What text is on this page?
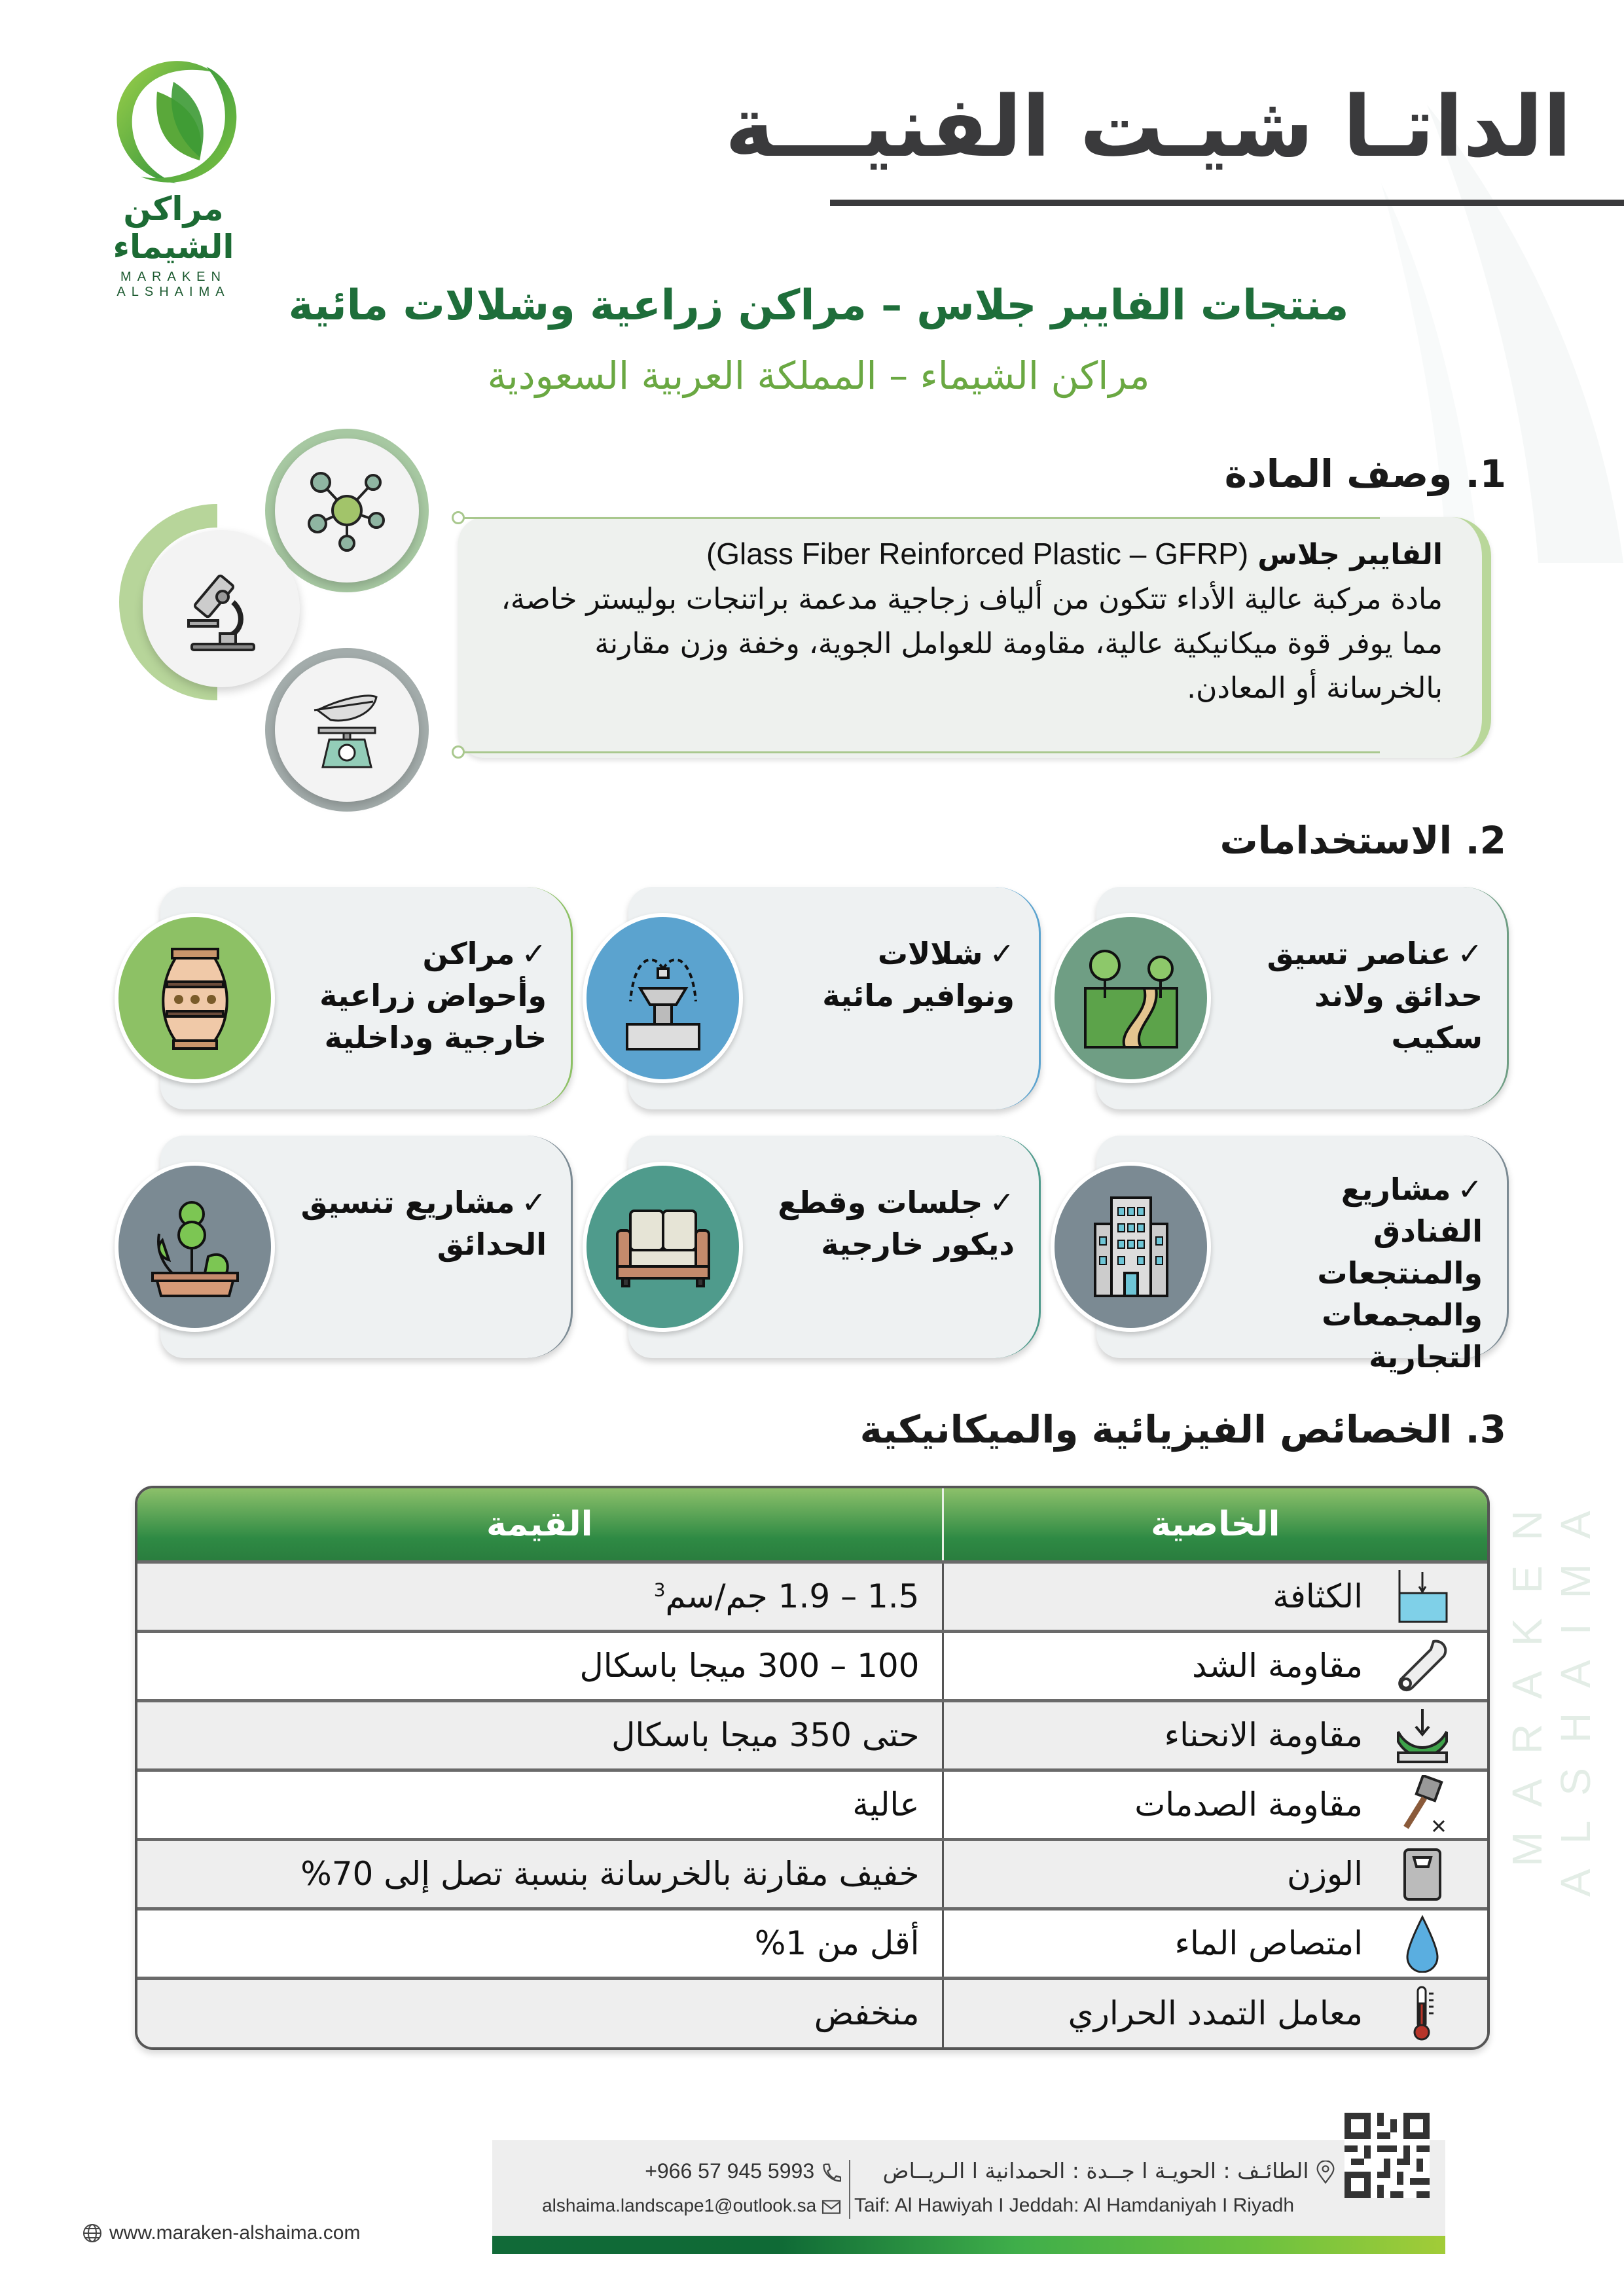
MARAKEN ALSHAIMA
مراكن الشيماء
MARAKEN ALSHAIMA
الداتـا شيـت الفنيـــة
منتجات الفايبر جلاس – مراكن زراعية وشلالات مائية
مراكن الشيماء – المملكة العربية السعودية
1. وصف المادة
الفايبر جلاس (Glass Fiber Reinforced Plastic – GFRP)
مادة مركبة عالية الأداء تتكون من ألياف زجاجية مدعمة براتنجات بوليستر خاصة، مما يوفر قوة ميكانيكية عالية، مقاومة للعوامل الجوية، وخفة وزن مقارنة بالخرسانة أو المعادن.
2. الاستخدامات
✓عناصر تسيق حدائق ولاند سكيب
✓شلالات ونوافير مائية
✓مراكن وأحواض زراعية خارجية وداخلية
✓مشاريع الفنادق والمنتجعات والمجمعات التجارية
✓جلسات وقطع ديكور خارجية
✓مشاريع تنسيق الحدائق
3. الخصائص الفيزيائية والميكانيكية
الخاصية	القيمة

الكثافة	1.5 – 1.9 جم/سم$^3$

مقاومة الشد	100 – 300 ميجا باسكال

مقاومة الانحناء	حتى 350 ميجا باسكال

مقاومة الصدمات	عالية

الوزن	خفيف مقارنة بالخرسانة بنسبة تصل إلى 70%

امتصاص الماء	أقل من 1%

معامل التمدد الحراري	منخفض
الطائـف : الحويـة ا جــدة : الحمدانية ا الـريــاض
Taif: Al Hawiyah I Jeddah: Al Hamdaniyah I Riyadh
+966 57 945 5993
alshaima.landscape1@outlook.sa
www.maraken-alshaima.com
